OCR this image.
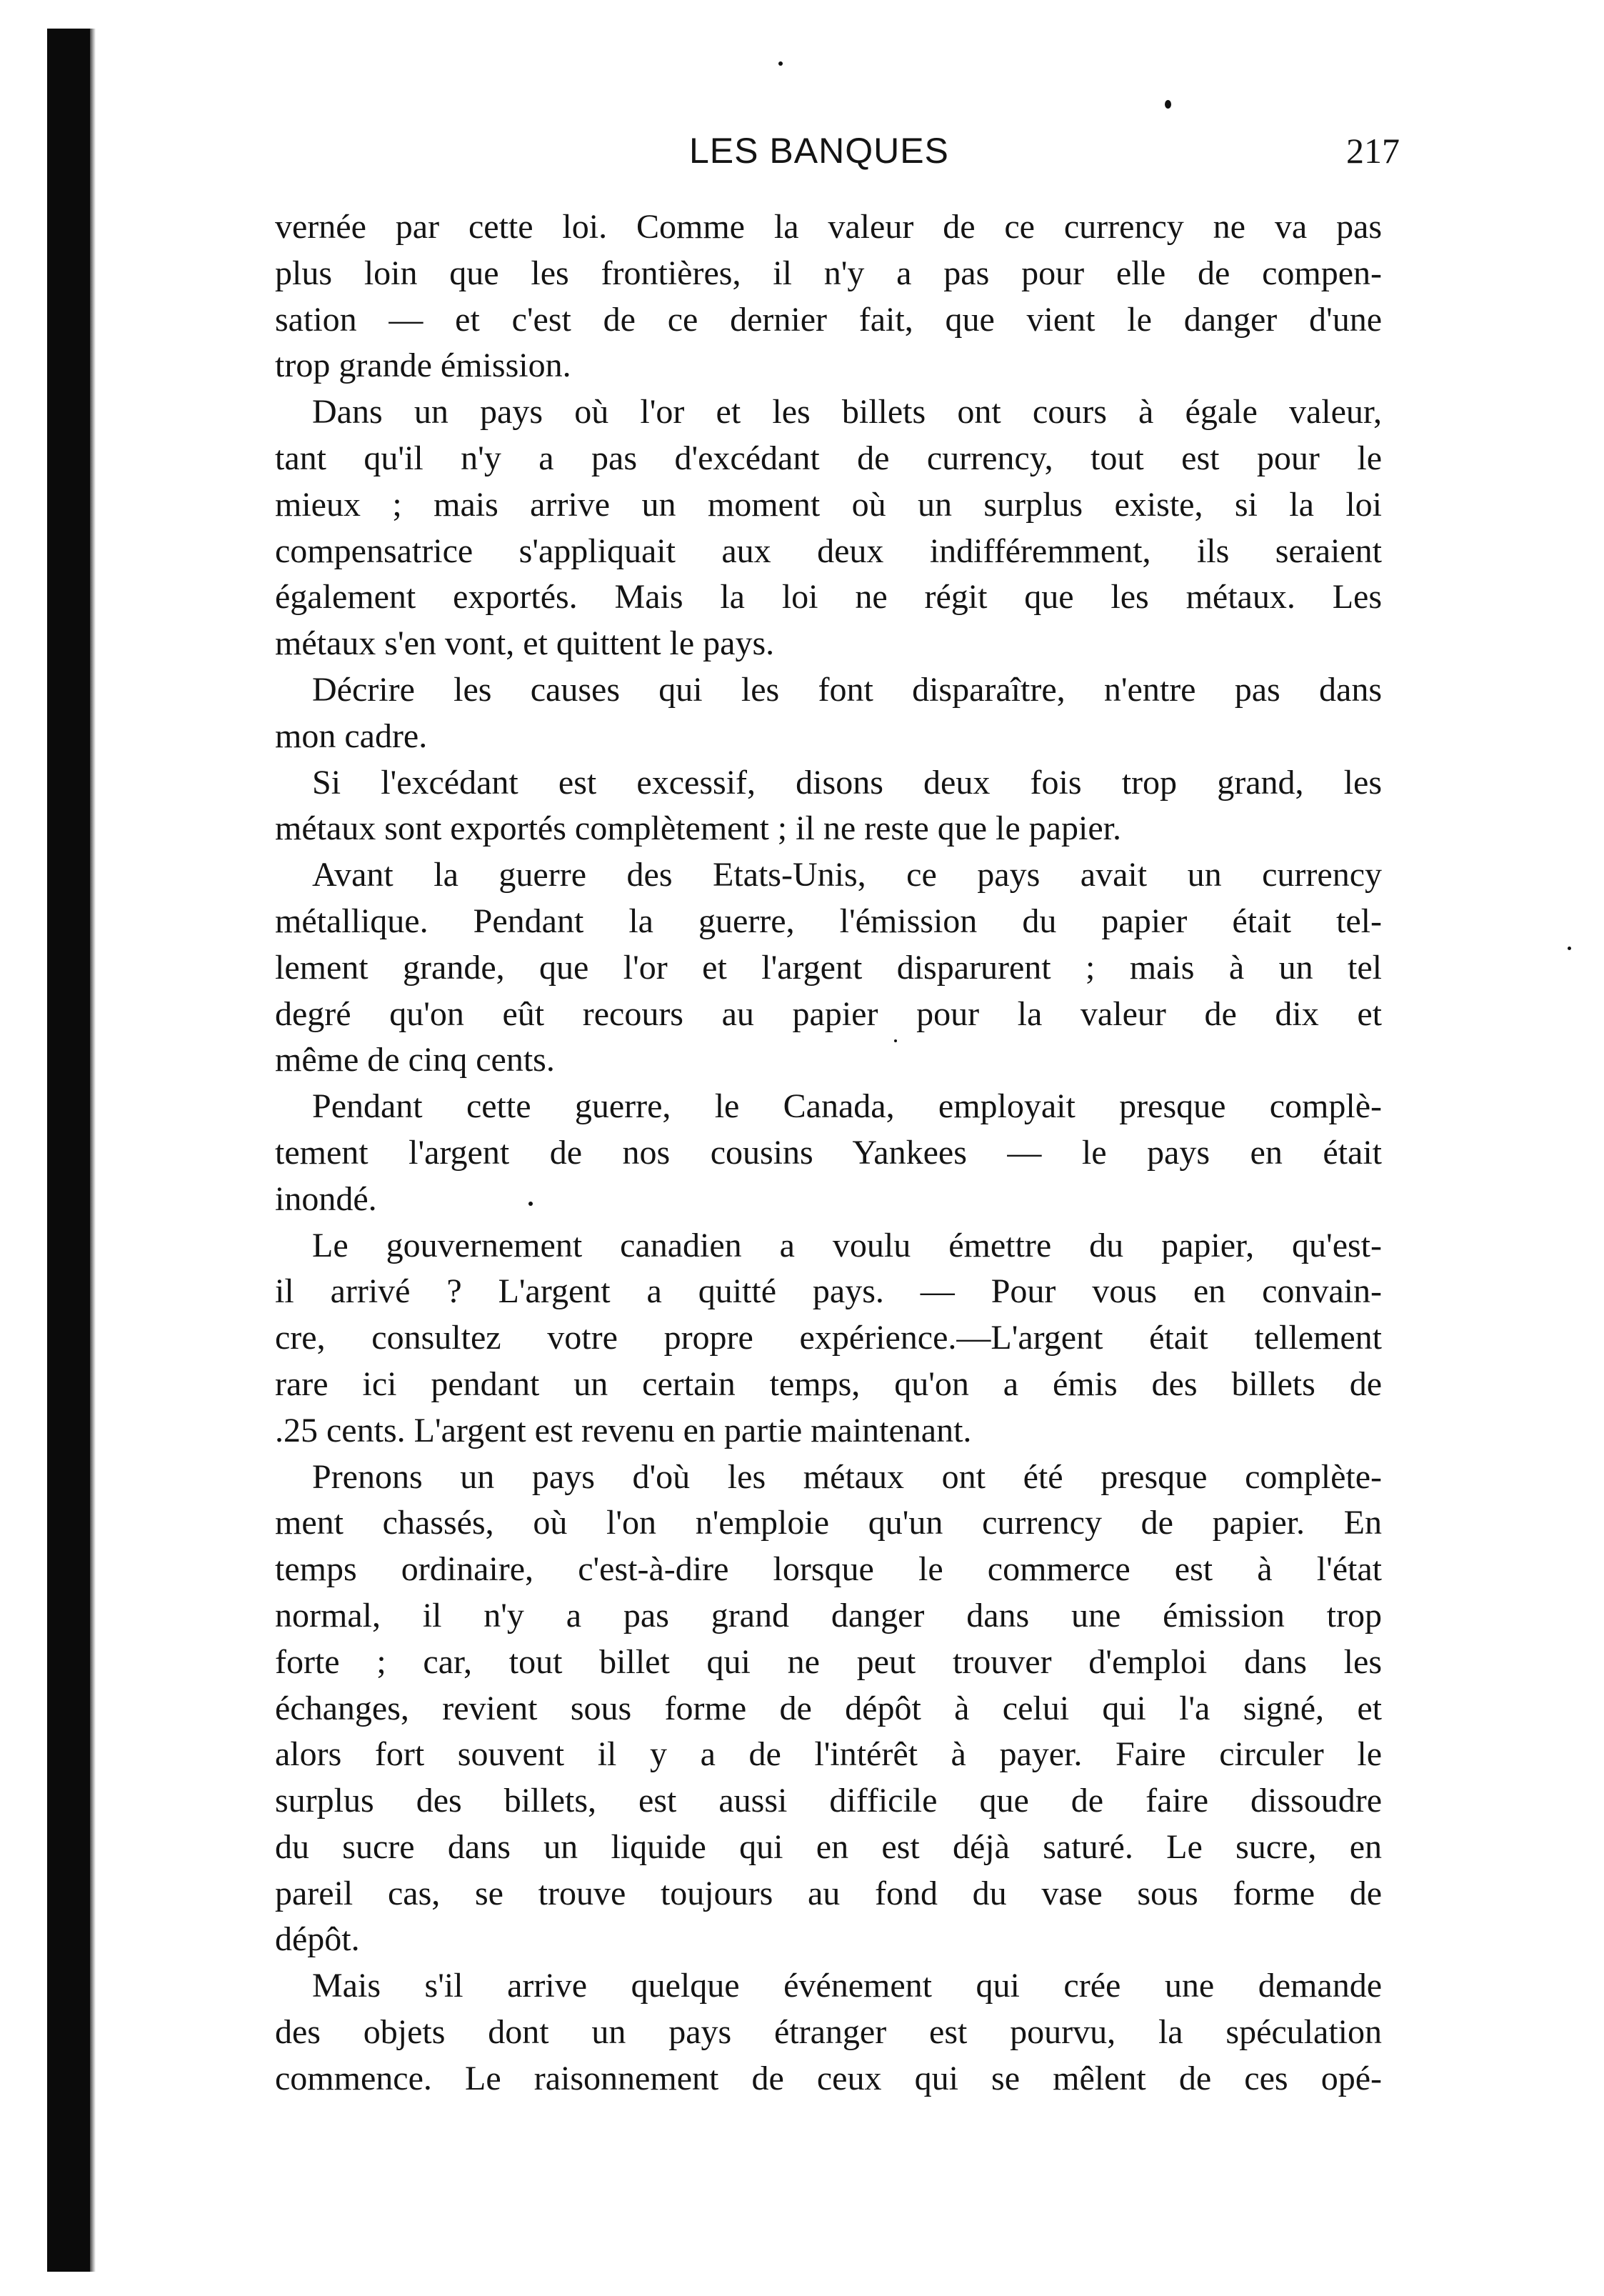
LES BANQUES	217
vernée par cette loi. Comme la valeur de ce currency ne va pas
plus loin que les frontières, il n'y a pas pour elle de compen-
sation — et c'est de ce dernier fait, que vient le danger d'une
trop grande émission.
Dans un pays où l'or et les billets ont cours à égale valeur,
tant qu'il n'y a pas d'excédant de currency, tout est pour le
mieux ; mais arrive un moment où un surplus existe, si la loi
compensatrice s'appliquait aux deux indifféremment, ils seraient
également exportés. Mais la loi ne régit que les métaux. Les
métaux s'en vont, et quittent le pays.
Décrire les causes qui les font disparaître, n'entre pas dans
mon cadre.
Si l'excédant est excessif, disons deux fois trop grand, les
métaux sont exportés complètement ; il ne reste que le papier.
Avant la guerre des Etats-Unis, ce pays avait un currency
métallique. Pendant la guerre, l'émission du papier était tel-
lement grande, que l'or et l'argent disparurent ; mais à un tel
degré qu'on eût recours au papier pour la valeur de dix et
même de cinq cents.
Pendant cette guerre, le Canada, employait presque complè-
tement l'argent de nos cousins Yankees — le pays en était
inondé.
Le gouvernement canadien a voulu émettre du papier, qu'est-
il arrivé ? L'argent a quitté pays. — Pour vous en convain-
cre, consultez votre propre expérience.—L'argent était tellement
rare ici pendant un certain temps, qu'on a émis des billets de
.25 cents. L'argent est revenu en partie maintenant.
Prenons un pays d'où les métaux ont été presque complète-
ment chassés, où l'on n'emploie qu'un currency de papier. En
temps ordinaire, c'est-à-dire lorsque le commerce est à l'état
normal, il n'y a pas grand danger dans une émission trop
forte ; car, tout billet qui ne peut trouver d'emploi dans les
échanges, revient sous forme de dépôt à celui qui l'a signé, et
alors fort souvent il y a de l'intérêt à payer. Faire circuler le
surplus des billets, est aussi difficile que de faire dissoudre
du sucre dans un liquide qui en est déjà saturé. Le sucre, en
pareil cas, se trouve toujours au fond du vase sous forme de
dépôt.
Mais s'il arrive quelque événement qui crée une demande
des objets dont un pays étranger est pourvu, la spéculation
commence. Le raisonnement de ceux qui se mêlent de ces opé-
